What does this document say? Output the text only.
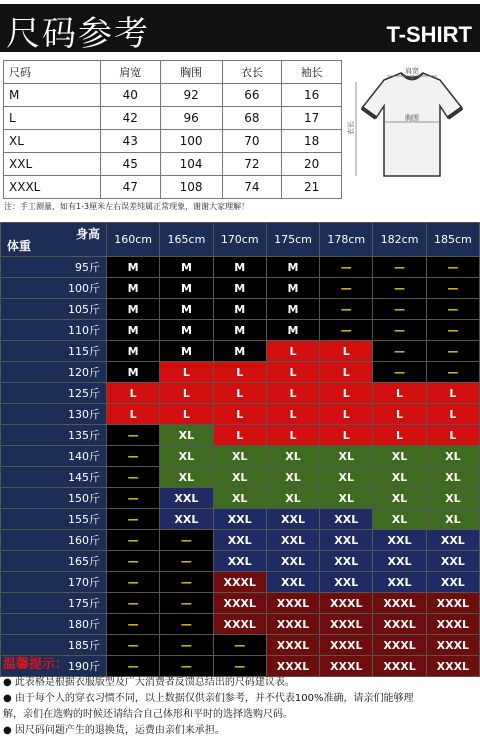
尺码参考	T-SHIRT
尺码	肩宽	胸围	衣长	袖长
M	40	92	66	16
L	42	96	68	17
XL	43	100	70	18
XXL	45	104	72	20
XXXL	47	108	74	21
肩宽
胸围
衣长
注：手工测量，如有1-3厘米左右误差纯属正常现象，谢谢大家理解！
身高
体重	160cm	165cm	170cm	175cm	178cm	182cm	185cm
95斤	M	M	M	M	—	—	—
100斤	M	M	M	M	—	—	—
105斤	M	M	M	M	—	—	—
110斤	M	M	M	M	—	—	—
115斤	M	M	M	L	L	—	—
120斤	M	L	L	L	L	—	—
125斤	L	L	L	L	L	L	L
130斤	L	L	L	L	L	L	L
135斤	—	XL	L	L	L	L	L
140斤	—	XL	XL	XL	XL	XL	XL
145斤	—	XL	XL	XL	XL	XL	XL
150斤	—	XXL	XL	XL	XL	XL	XL
155斤	—	XXL	XXL	XXL	XXL	XL	XL
160斤	—	—	XXL	XXL	XXL	XXL	XXL
165斤	—	—	XXL	XXL	XXL	XXL	XXL
170斤	—	—	XXXL	XXL	XXL	XXL	XXL
175斤	—	—	XXXL	XXXL	XXXL	XXXL	XXXL
180斤	—	—	XXXL	XXXL	XXXL	XXXL	XXXL
185斤	—	—	—	XXXL	XXXL	XXXL	XXXL
190斤	—	—	—	XXXL	XXXL	XXXL	XXXL
温馨提示：
● 此表格是根据衣服版型及广大消费者反馈总结出的尺码建议表。
● 由于每个人的穿衣习惯不同，以上数据仅供亲们参考，并不代表100%准确，请亲们能够理
解，亲们在选购的时候还请结合自己体形和平时的选择选购尺码。
● 因尺码问题产生的退换货，运费由亲们来承担。
